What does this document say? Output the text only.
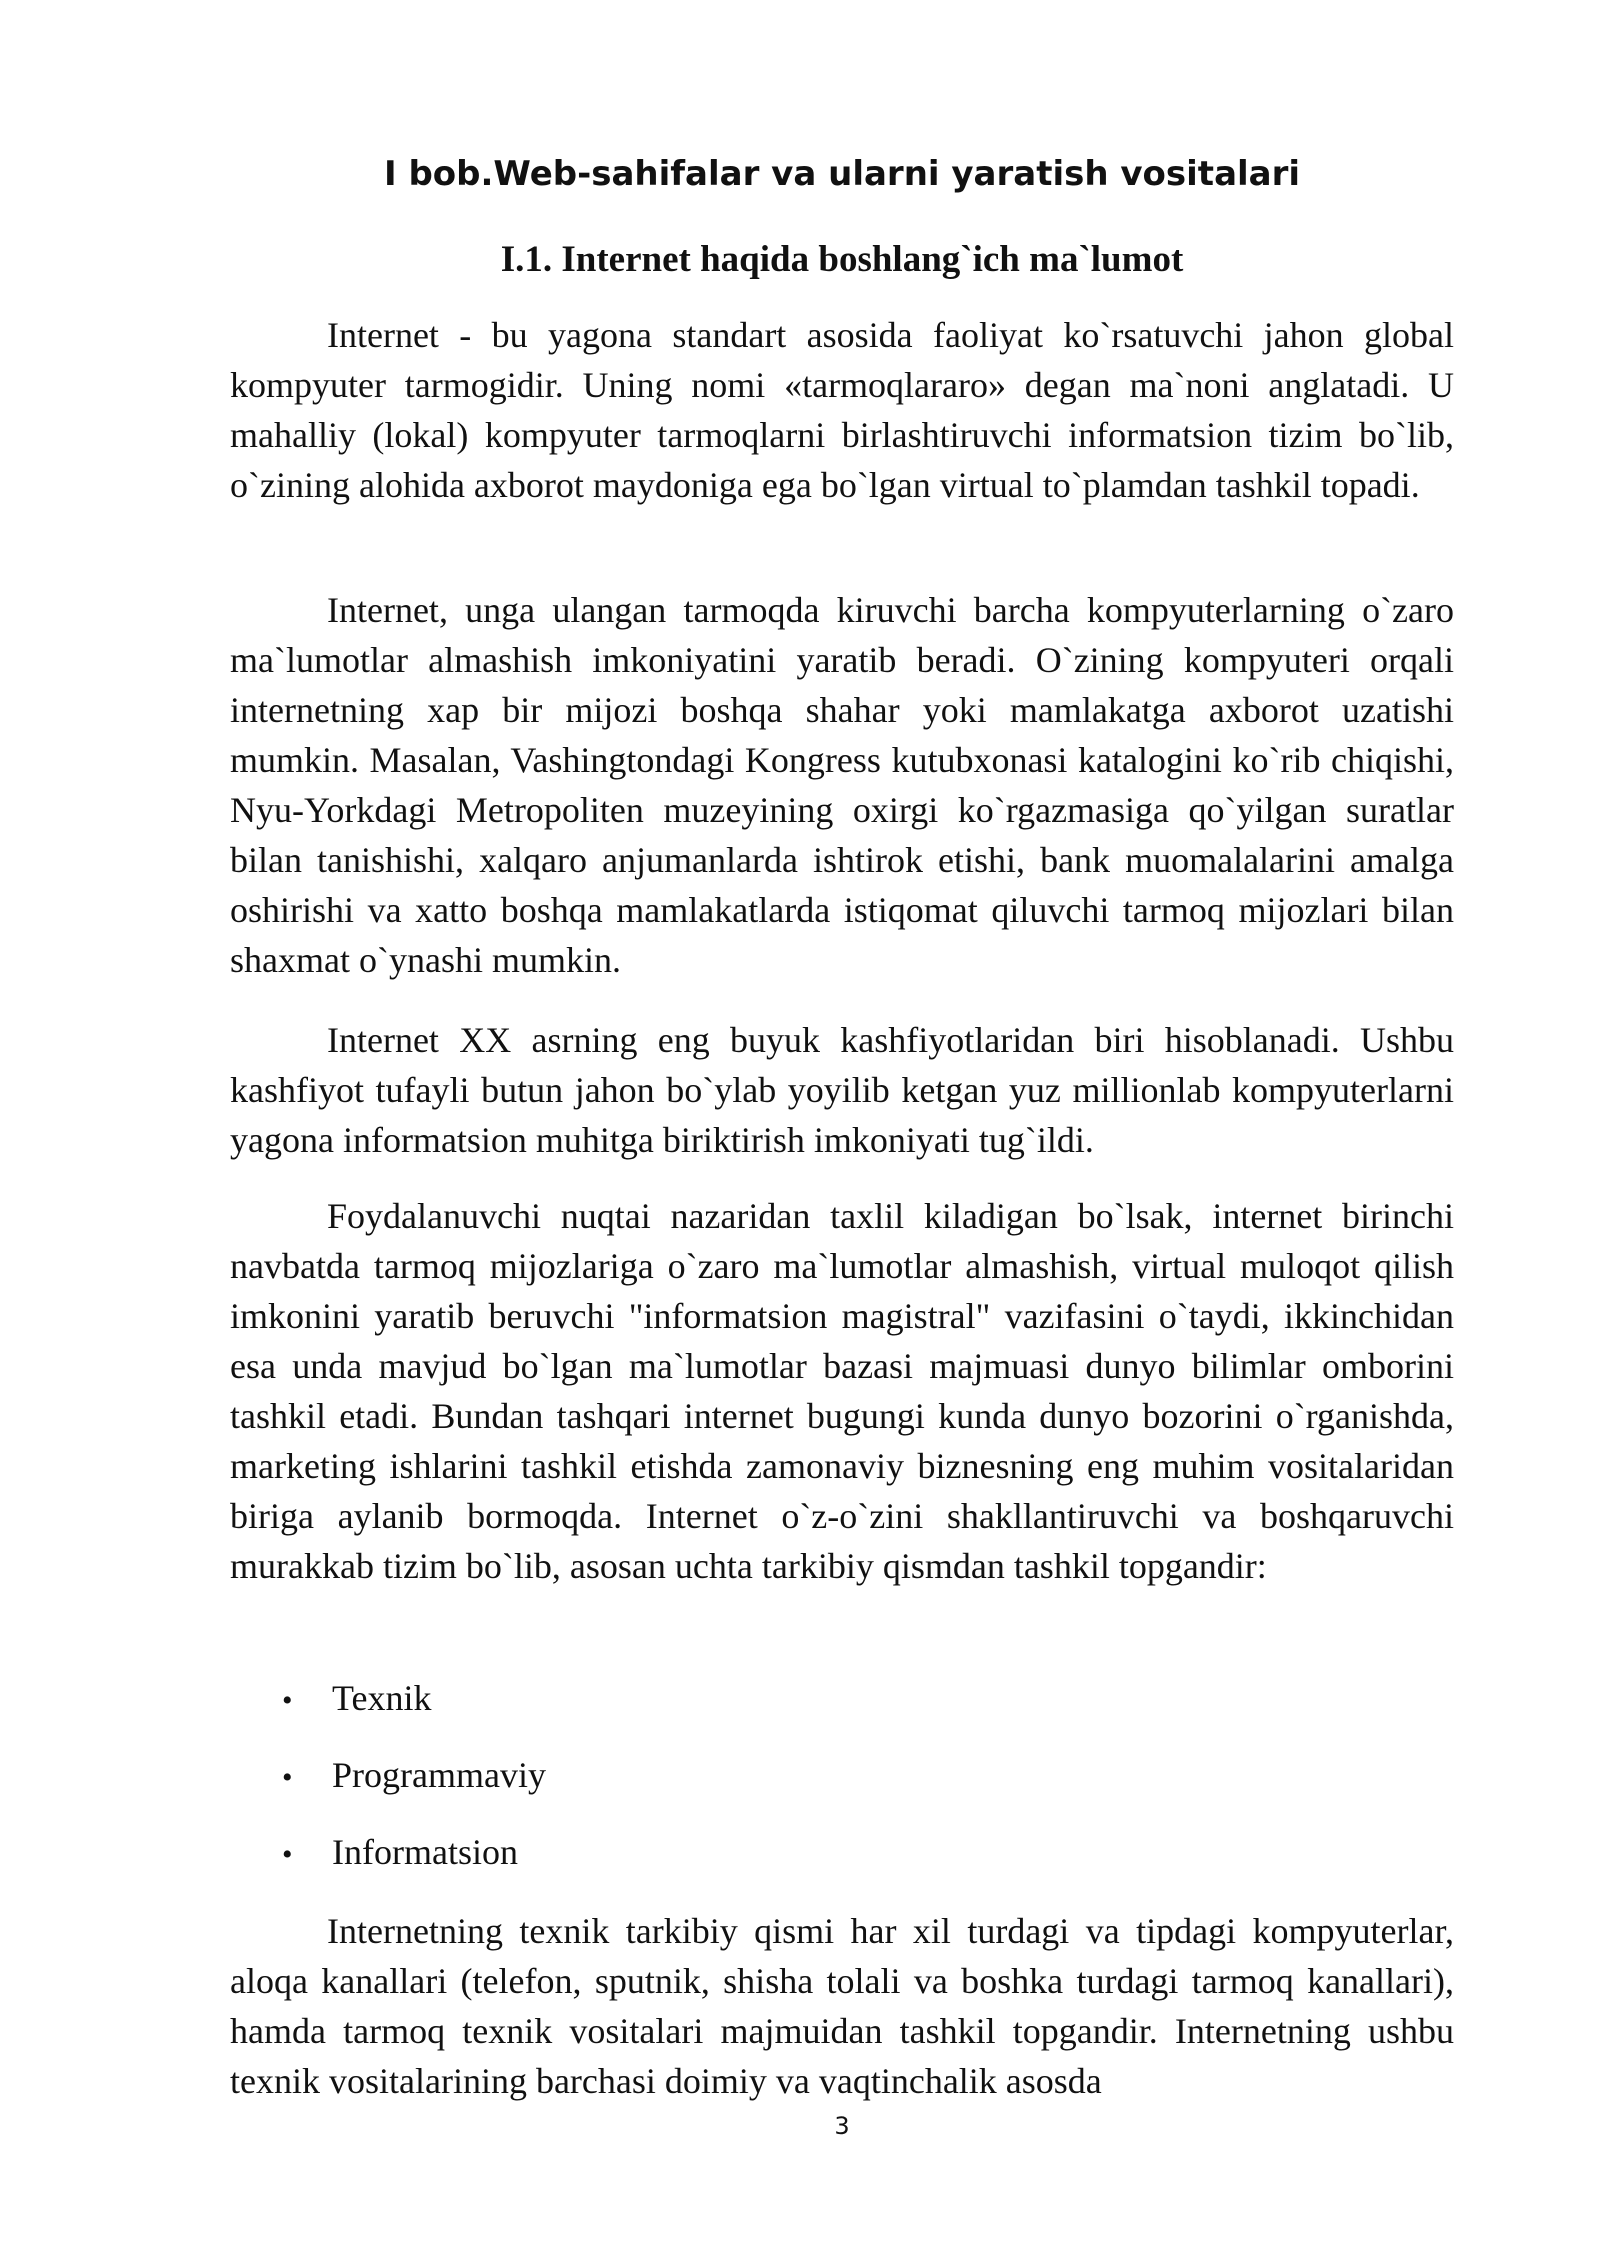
I bob.Web-sahifalar va ularni yaratish vositalari
I.1. Internet haqida boshlang`ich ma`lumot

Internet - bu yagona standart asosida faoliyat ko`rsatuvchi jahon global kompyuter tarmogidir. Uning nomi «tarmoqlararo» degan ma`noni anglatadi. U mahalliy (lokal) kompyuter tarmoqlarni birlashtiruvchi informatsion tizim bo`lib, o`zining alohida axborot maydoniga ega bo`lgan virtual to`plamdan tashkil topadi.

Internet, unga ulangan tarmoqda kiruvchi barcha kompyuterlarning o`zaro ma`lumotlar almashish imkoniyatini yaratib beradi. O`zining kompyuteri orqali internetning xap bir mijozi boshqa shahar yoki mamlakatga axborot uzatishi mumkin. Masalan, Vashingtondagi Kongress kutubxonasi katalogini ko`rib chiqishi, Nyu-Yorkdagi Metropoliten muzeyining oxirgi ko`rgazmasiga qo`yilgan suratlar bilan tanishishi, xalqaro anjumanlarda ishtirok etishi, bank muomalalarini amalga oshirishi va xatto boshqa mamlakatlarda istiqomat qiluvchi tarmoq mijozlari bilan shaxmat o`ynashi mumkin.

Internet XX asrning eng buyuk kashfiyotlaridan biri hisoblanadi. Ushbu kashfiyot tufayli butun jahon bo`ylab yoyilib ketgan yuz millionlab kompyuterlarni yagona informatsion muhitga biriktirish imkoniyati tug`ildi.

Foydalanuvchi nuqtai nazaridan taxlil kiladigan bo`lsak, internet birinchi navbatda tarmoq mijozlariga o`zaro ma`lumotlar almashish, virtual muloqot qilish imkonini yaratib beruvchi "informatsion magistral" vazifasini o`taydi, ikkinchidan esa unda mavjud bo`lgan ma`lumotlar bazasi majmuasi dunyo bilimlar omborini tashkil etadi. Bundan tashqari internet bugungi kunda dunyo bozorini o`rganishda, marketing ishlarini tashkil etishda zamonaviy biznesning eng muhim vositalaridan biriga aylanib bormoqda. Internet o`z-o`zini shakllantiruvchi va boshqaruvchi murakkab tizim bo`lib, asosan uchta tarkibiy qismdan tashkil topgandir:

• Texnik
• Programmaviy
• Informatsion

Internetning texnik tarkibiy qismi har xil turdagi va tipdagi kompyuterlar, aloqa kanallari (telefon, sputnik, shisha tolali va boshka turdagi tarmoq kanallari), hamda tarmoq texnik vositalari majmuidan tashkil topgandir. Internetning ushbu texnik vositalarining barchasi doimiy va vaqtinchalik asosda

3
